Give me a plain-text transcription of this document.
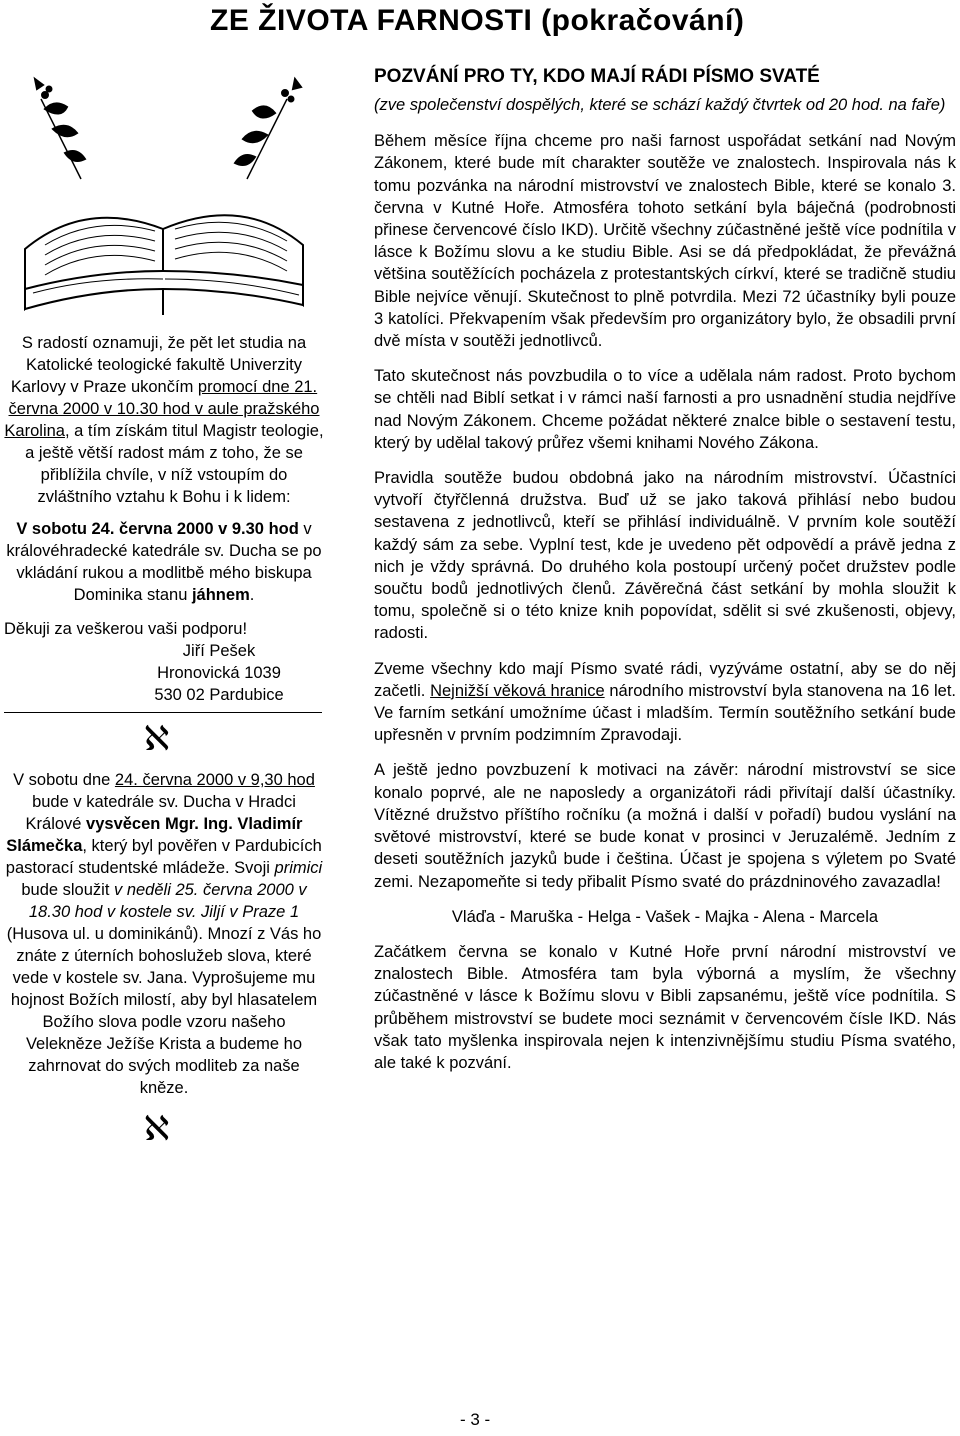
ZE ŽIVOTA FARNOSTI (pokračování)

S radostí oznamuji, že pět let studia na Katolické teologické fakultě Univerzity Karlovy v Praze ukončím promocí dne 21. června 2000 v 10.30 hod v aule pražského Karolina, a tím získám titul Magistr teologie, a ještě větší radost mám z toho, že se přiblížila chvíle, v níž vstoupím do zvláštního vztahu k Bohu i k lidem:

V sobotu 24. června 2000 v 9.30 hod v královéhradecké katedrále sv. Ducha se po vkládání rukou a modlitbě mého biskupa Dominika stanu jáhnem.

Děkuji za veškerou vaši podporu!

Jiří Pešek

Hronovická 1039

530 02 Pardubice

ℵ

V sobotu dne 24. června 2000 v 9,30 hod bude v katedrále sv. Ducha v Hradci Králové vysvěcen Mgr. Ing. Vladimír Slámečka, který byl pověřen v Pardubicích pastorací studentské mládeže. Svoji primici bude sloužit v neděli 25. června 2000 v 18.30 hod v kostele sv. Jiljí v Praze 1 (Husova ul. u dominikánů). Mnozí z Vás ho znáte z úterních bohoslužeb slova, které vede v kostele sv. Jana. Vyprošujeme mu hojnost Božích milostí, aby byl hlasatelem Božího slova podle vzoru našeho Velekněze Ježíše Krista a budeme ho zahrnovat do svých modliteb za naše kněze.

ℵ
POZVÁNÍ PRO TY, KDO MAJÍ RÁDI PÍSMO SVATÉ
(zve společenství dospělých, které se schází každý čtvrtek od 20 hod. na faře)

Během měsíce října chceme pro naši farnost uspořádat setkání nad Novým Zákonem, které bude mít charakter soutěže ve znalostech. Inspirovala nás k tomu pozvánka na národní mistrovství ve znalostech Bible, které se konalo 3. června v Kutné Hoře. Atmosféra tohoto setkání byla báječná (podrobnosti přinese červencové číslo IKD). Určitě všechny zúčastněné ještě více podnítila v lásce k Božímu slovu a ke studiu Bible. Asi se dá předpokládat, že převážná většina soutěžících pocházela z protestantských církví, které se tradičně studiu Bible nejvíce věnují. Skutečnost to plně potvrdila. Mezi 72 účastníky byli pouze 3 katolíci. Překvapením však především pro organizátory bylo, že obsadili první dvě místa v soutěži jednotlivců.

Tato skutečnost nás povzbudila o to více a udělala nám radost. Proto bychom se chtěli nad Biblí setkat i v rámci naší farnosti a pro usnadnění studia nejdříve nad Novým Zákonem. Chceme požádat některé znalce bible o sestavení testu, který by udělal takový průřez všemi knihami Nového Zákona.

Pravidla soutěže budou obdobná jako na národním mistrovství. Účastníci vytvoří čtyřčlenná družstva. Buď už se jako taková přihlásí nebo budou sestavena z jednotlivců, kteří se přihlásí individuálně. V prvním kole soutěží každý sám za sebe. Vyplní test, kde je uvedeno pět odpovědí a právě jedna z nich je vždy správná. Do druhého kola postoupí určený počet družstev podle součtu bodů jednotlivých členů. Závěrečná část setkání by mohla sloužit k tomu, společně si o této knize knih popovídat, sdělit si své zkušenosti, objevy, radosti.

Zveme všechny kdo mají Písmo svaté rádi, vyzýváme ostatní, aby se do něj začetli. Nejnižší věková hranice národního mistrovství byla stanovena na 16 let. Ve farním setkání umožníme účast i mladším. Termín soutěžního setkání bude upřesněn v prvním podzimním Zpravodaji.

A ještě jedno povzbuzení k motivaci na závěr: národní mistrovství se sice konalo poprvé, ale ne naposledy a organizátoři rádi přivítají další účastníky. Vítězné družstvo příštího ročníku (a možná i další v pořadí) budou vyslání na světové mistrovství, které se bude konat v prosinci v Jeruzalémě. Jedním z deseti soutěžních jazyků bude i čeština. Účast je spojena s výletem po Svaté zemi. Nezapomeňte si tedy přibalit Písmo svaté do prázdninového zavazadla!

Vláďa - Maruška - Helga - Vašek - Majka - Alena - Marcela

Začátkem června se konalo v Kutné Hoře první národní mistrovství ve znalostech Bible. Atmosféra tam byla výborná a myslím, že všechny zúčastněné v lásce k Božímu slovu v Bibli zapsanému, ještě více podnítila. S průběhem mistrovství se budete moci seznámit v červencovém čísle IKD. Nás však tato myšlenka inspirovala nejen k intenzivnějšímu studiu Písma svatého, ale také k pozvání.

- 3 -
